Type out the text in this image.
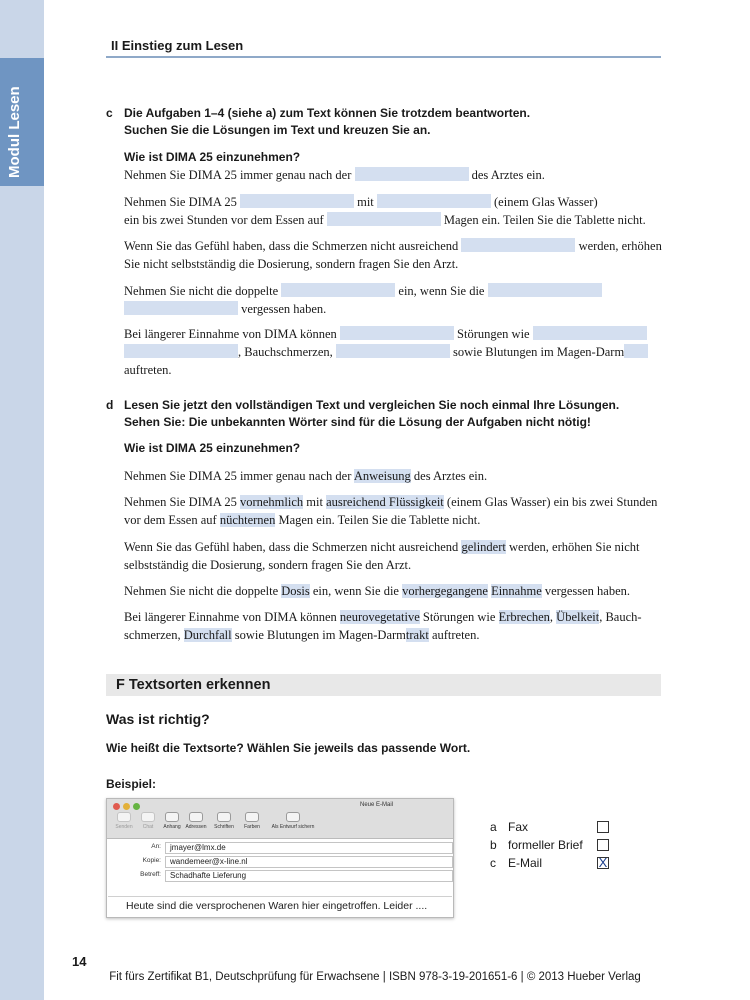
Modul Lesen
II Einstieg zum Lesen
c Die Aufgaben 1–4 (siehe a) zum Text können Sie trotzdem beantworten.
Suchen Sie die Lösungen im Text und kreuzen Sie an.
Wie ist DIMA 25 einzunehmen?
Nehmen Sie DIMA 25 immer genau nach der	des Arztes ein.
Nehmen Sie DIMA 25	mit	(einem Glas Wasser)
ein bis zwei Stunden vor dem Essen auf	Magen ein. Teilen Sie die Tablette nicht.
Wenn Sie das Gefühl haben, dass die Schmerzen nicht ausreichend	werden, erhöhen
Sie nicht selbstständig die Dosierung, sondern fragen Sie den Arzt.
Nehmen Sie nicht die doppelte	ein, wenn Sie die
vergessen haben.
Bei längerer Einnahme von DIMA können	Störungen wie
, Bauchschmerzen,	sowie Blutungen im Magen-Darm
auftreten.
d Lesen Sie jetzt den vollständigen Text und vergleichen Sie noch einmal Ihre Lösungen.
Sehen Sie: Die unbekannten Wörter sind für die Lösung der Aufgaben nicht nötig!
Wie ist DIMA 25 einzunehmen?
Nehmen Sie DIMA 25 immer genau nach der Anweisung des Arztes ein.
Nehmen Sie DIMA 25 vornehmlich mit ausreichend Flüssigkeit (einem Glas Wasser) ein bis zwei Stunden
vor dem Essen auf nüchternen Magen ein. Teilen Sie die Tablette nicht.
Wenn Sie das Gefühl haben, dass die Schmerzen nicht ausreichend gelindert werden, erhöhen Sie nicht
selbstständig die Dosierung, sondern fragen Sie den Arzt.
Nehmen Sie nicht die doppelte Dosis ein, wenn Sie die vorhergegangene Einnahme vergessen haben.
Bei längerer Einnahme von DIMA können neurovegetative Störungen wie Erbrechen, Übelkeit, Bauch-
schmerzen, Durchfall sowie Blutungen im Magen-Darmtrakt auftreten.
F Textsorten erkennen
Was ist richtig?
Wie heißt die Textsorte? Wählen Sie jeweils das passende Wort.
Beispiel:
Neue E-Mail
Senden	Chat	Anhang Adressen	Schriften	Farben	Als Entwurf sichern
An:	jmayer@lmx.de
Kopie:	wandemeer@x-line.nl
Betreff:	Schadhafte Lieferung
Heute sind die versprochenen Waren hier eingetroffen. Leider ....
a Fax
b formeller Brief
c E-Mail	X
14
Fit fürs Zertifikat B1, Deutschprüfung für Erwachsene | ISBN 978-3-19-201651-6 | © 2013 Hueber Verlag
